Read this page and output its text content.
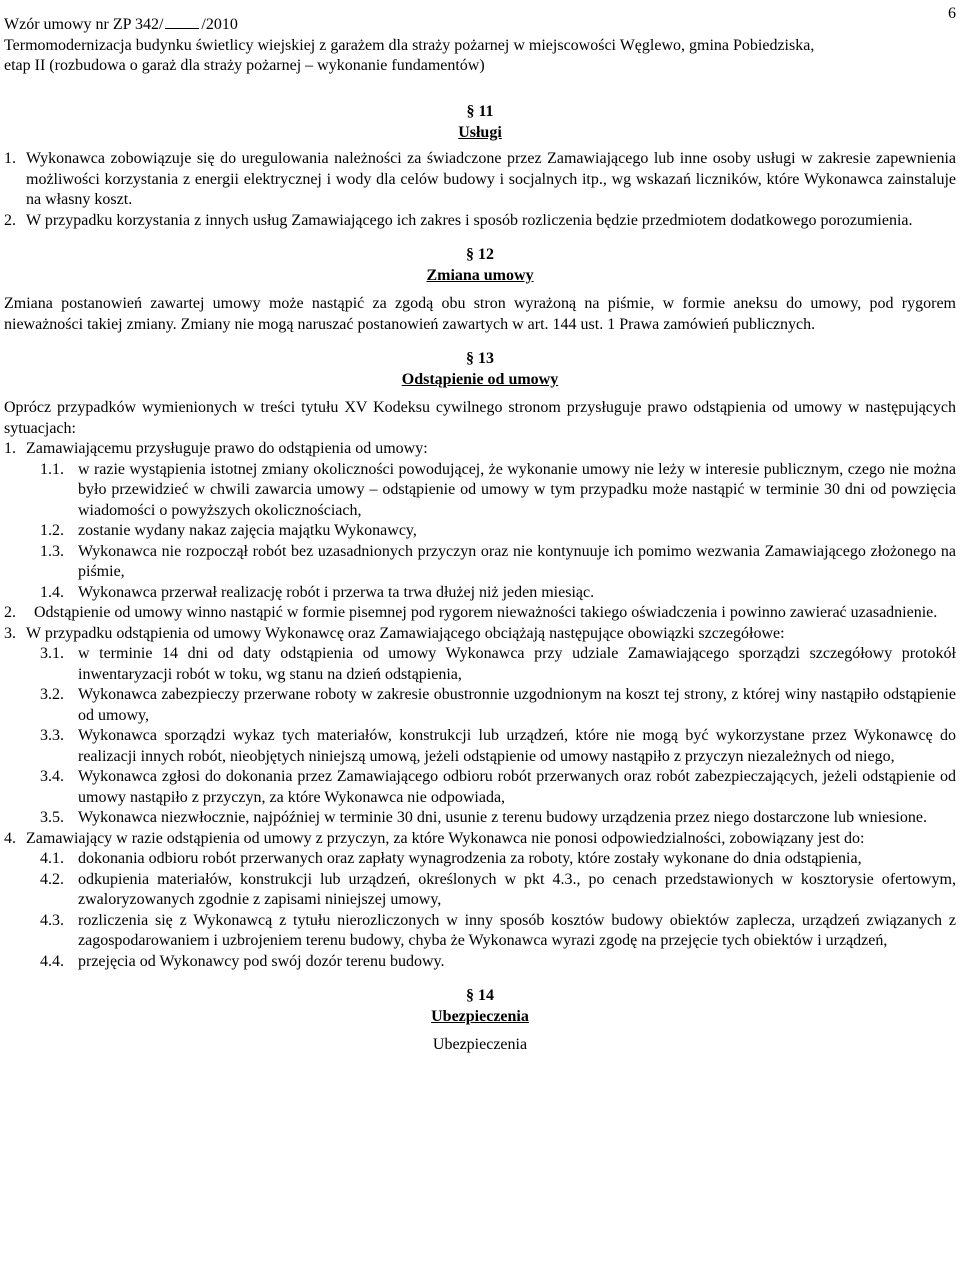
6
Wzór umowy nr ZP 342/ /2010
Termomodernizacja budynku świetlicy wiejskiej z garażem dla straży pożarnej w miejscowości Węglewo, gmina Pobiedziska,
etap II (rozbudowa o garaż dla straży pożarnej – wykonanie fundamentów)
§ 11
Usługi
1. Wykonawca zobowiązuje się do uregulowania należności za świadczone przez Zamawiającego lub inne osoby usługi w zakresie zapewnienia możliwości korzystania z energii elektrycznej i wody dla celów budowy i socjalnych itp., wg wskazań liczników, które Wykonawca zainstaluje na własny koszt.
2. W przypadku korzystania z innych usług Zamawiającego ich zakres i sposób rozliczenia będzie przedmiotem dodatkowego porozumienia.
§ 12
Zmiana umowy

Zmiana postanowień zawartej umowy może nastąpić za zgodą obu stron wyrażoną na piśmie, w formie aneksu do umowy, pod rygorem nieważności takiej zmiany. Zmiany nie mogą naruszać postanowień zawartych w art. 144 ust. 1 Prawa zamówień publicznych.

§ 13
Odstąpienie od umowy

Oprócz przypadków wymienionych w treści tytułu XV Kodeksu cywilnego stronom przysługuje prawo odstąpienia od umowy w następujących sytuacjach:

1. Zamawiającemu przysługuje prawo do odstąpienia od umowy:
1.1. w razie wystąpienia istotnej zmiany okoliczności powodującej, że wykonanie umowy nie leży w interesie publicznym, czego nie można było przewidzieć w chwili zawarcia umowy – odstąpienie od umowy w tym przypadku może nastąpić w terminie 30 dni od powzięcia wiadomości o powyższych okolicznościach,
1.2. zostanie wydany nakaz zajęcia majątku Wykonawcy,
1.3. Wykonawca nie rozpoczął robót bez uzasadnionych przyczyn oraz nie kontynuuje ich pomimo wezwania Zamawiającego złożonego na piśmie,
1.4. Wykonawca przerwał realizację robót i przerwa ta trwa dłużej niż jeden miesiąc.
2. Odstąpienie od umowy winno nastąpić w formie pisemnej pod rygorem nieważności takiego oświadczenia i powinno zawierać uzasadnienie.
3. W przypadku odstąpienia od umowy Wykonawcę oraz Zamawiającego obciążają następujące obowiązki szczegółowe:
3.1. w terminie 14 dni od daty odstąpienia od umowy Wykonawca przy udziale Zamawiającego sporządzi szczegółowy protokół inwentaryzacji robót w toku, wg stanu na dzień odstąpienia,
3.2. Wykonawca zabezpieczy przerwane roboty w zakresie obustronnie uzgodnionym na koszt tej strony, z której winy nastąpiło odstąpienie od umowy,
3.3. Wykonawca sporządzi wykaz tych materiałów, konstrukcji lub urządzeń, które nie mogą być wykorzystane przez Wykonawcę do realizacji innych robót, nieobjętych niniejszą umową, jeżeli odstąpienie od umowy nastąpiło z przyczyn niezależnych od niego,
3.4. Wykonawca zgłosi do dokonania przez Zamawiającego odbioru robót przerwanych oraz robót zabezpieczających, jeżeli odstąpienie od umowy nastąpiło z przyczyn, za które Wykonawca nie odpowiada,
3.5. Wykonawca niezwłocznie, najpóźniej w terminie 30 dni, usunie z terenu budowy urządzenia przez niego dostarczone lub wniesione.
4. Zamawiający w razie odstąpienia od umowy z przyczyn, za które Wykonawca nie ponosi odpowiedzialności, zobowiązany jest do:
4.1. dokonania odbioru robót przerwanych oraz zapłaty wynagrodzenia za roboty, które zostały wykonane do dnia odstąpienia,
4.2. odkupienia materiałów, konstrukcji lub urządzeń, określonych w pkt 4.3., po cenach przedstawionych w kosztorysie ofertowym, zwaloryzowanych zgodnie z zapisami niniejszej umowy,
4.3. rozliczenia się z Wykonawcą z tytułu nierozliczonych w inny sposób kosztów budowy obiektów zaplecza, urządzeń związanych z zagospodarowaniem i uzbrojeniem terenu budowy, chyba że Wykonawca wyrazi zgodę na przejęcie tych obiektów i urządzeń,
4.4. przejęcia od Wykonawcy pod swój dozór terenu budowy.
§ 14
Ubezpieczenia
Ubezpieczenia
